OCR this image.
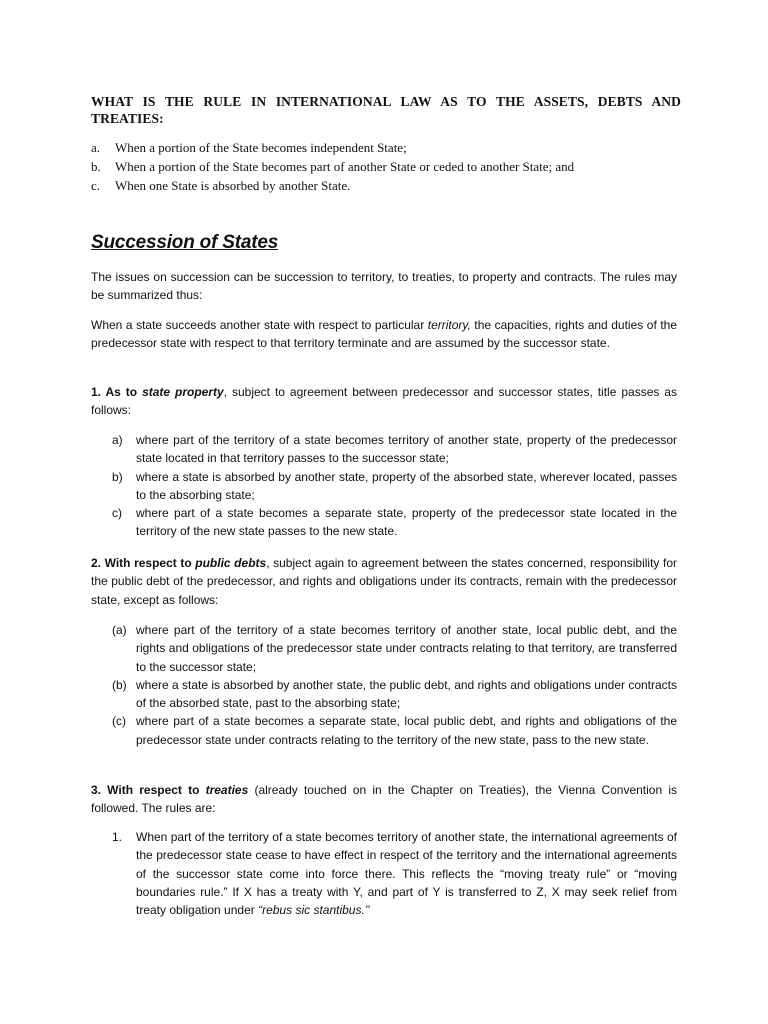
WHAT IS THE RULE IN INTERNATIONAL LAW AS TO THE ASSETS, DEBTS AND TREATIES:
a.	When a portion of the State becomes independent State;
b.	When a portion of the State becomes part of another State or ceded to another State; and
c.	When one State is absorbed by another State.
Succession of States

The issues on succession can be succession to territory, to treaties, to property and contracts. The rules may be summarized thus:

When a state succeeds another state with respect to particular territory, the capacities, rights and duties of the predecessor state with respect to that territory terminate and are assumed by the successor state.

1. As to state property, subject to agreement between predecessor and successor states, title passes as follows:

a)	where part of the territory of a state becomes territory of another state, property of the predecessor state located in that territory passes to the successor state;
b)	where a state is absorbed by another state, property of the absorbed state, wherever located, passes to the absorbing state;
c)	where part of a state becomes a separate state, property of the predecessor state located in the territory of the new state passes to the new state.

2. With respect to public debts, subject again to agreement between the states concerned, responsibility for the public debt of the predecessor, and rights and obligations under its contracts, remain with the predecessor state, except as follows:

(a) where part of the territory of a state becomes territory of another state, local public debt, and the rights and obligations of the predecessor state under contracts relating to that territory, are transferred to the successor state;
(b) where a state is absorbed by another state, the public debt, and rights and obligations under contracts of the absorbed state, past to the absorbing state;
(c) where part of a state becomes a separate state, local public debt, and rights and obligations of the predecessor state under contracts relating to the territory of the new state, pass to the new state.

3. With respect to treaties (already touched on in the Chapter on Treaties), the Vienna Convention is followed. The rules are:

1.	When part of the territory of a state becomes territory of another state, the international agreements of the predecessor state cease to have effect in respect of the territory and the international agreements of the successor state come into force there. This reflects the “moving treaty rule” or “moving boundaries rule.” If X has a treaty with Y, and part of Y is transferred to Z, X may seek relief from treaty obligation under “rebus sic stantibus.’’
